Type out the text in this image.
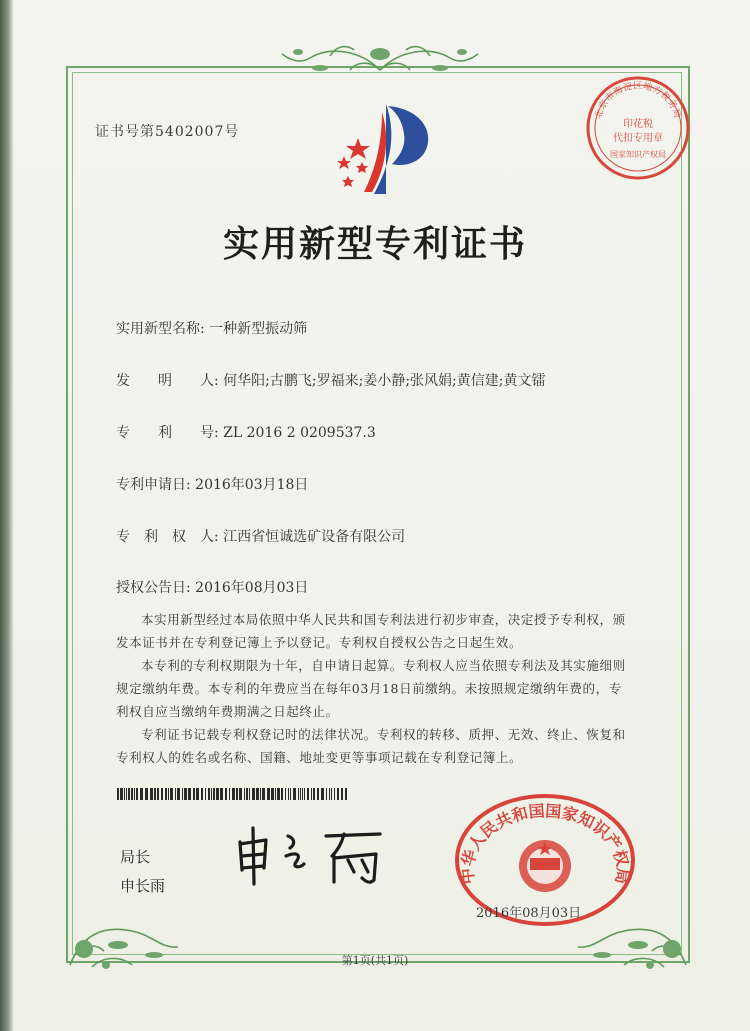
证书号第5402007号
北京市海淀区地方税务局
印花税
代扣专用章
国家知识产权局
实用新型专利证书
实用新型名称: 一种新型振动筛
发　　明　　人: 何华阳;古鹏飞;罗福来;姜小静;张风娟;黄信建;黄文镭
专　　利　　号: ZL 2016 2 0209537.3
专利申请日: 2016年03月18日
专　利　权　人: 江西省恒诚选矿设备有限公司
授权公告日: 2016年08月03日
本实用新型经过本局依照中华人民共和国专利法进行初步审查，决定授予专利权，颁
发本证书并在专利登记簿上予以登记。专利权自授权公告之日起生效。
本专利的专利权期限为十年，自申请日起算。专利权人应当依照专利法及其实施细则
规定缴纳年费。本专利的年费应当在每年03月18日前缴纳。未按照规定缴纳年费的，专
利权自应当缴纳年费期满之日起终止。
专利证书记载专利权登记时的法律状况。专利权的转移、质押、无效、终止、恢复和
专利权人的姓名或名称、国籍、地址变更等事项记载在专利登记簿上。
局长
申长雨
中华人民共和国国家知识产权局
2016年08月03日
第1页(共1页)
